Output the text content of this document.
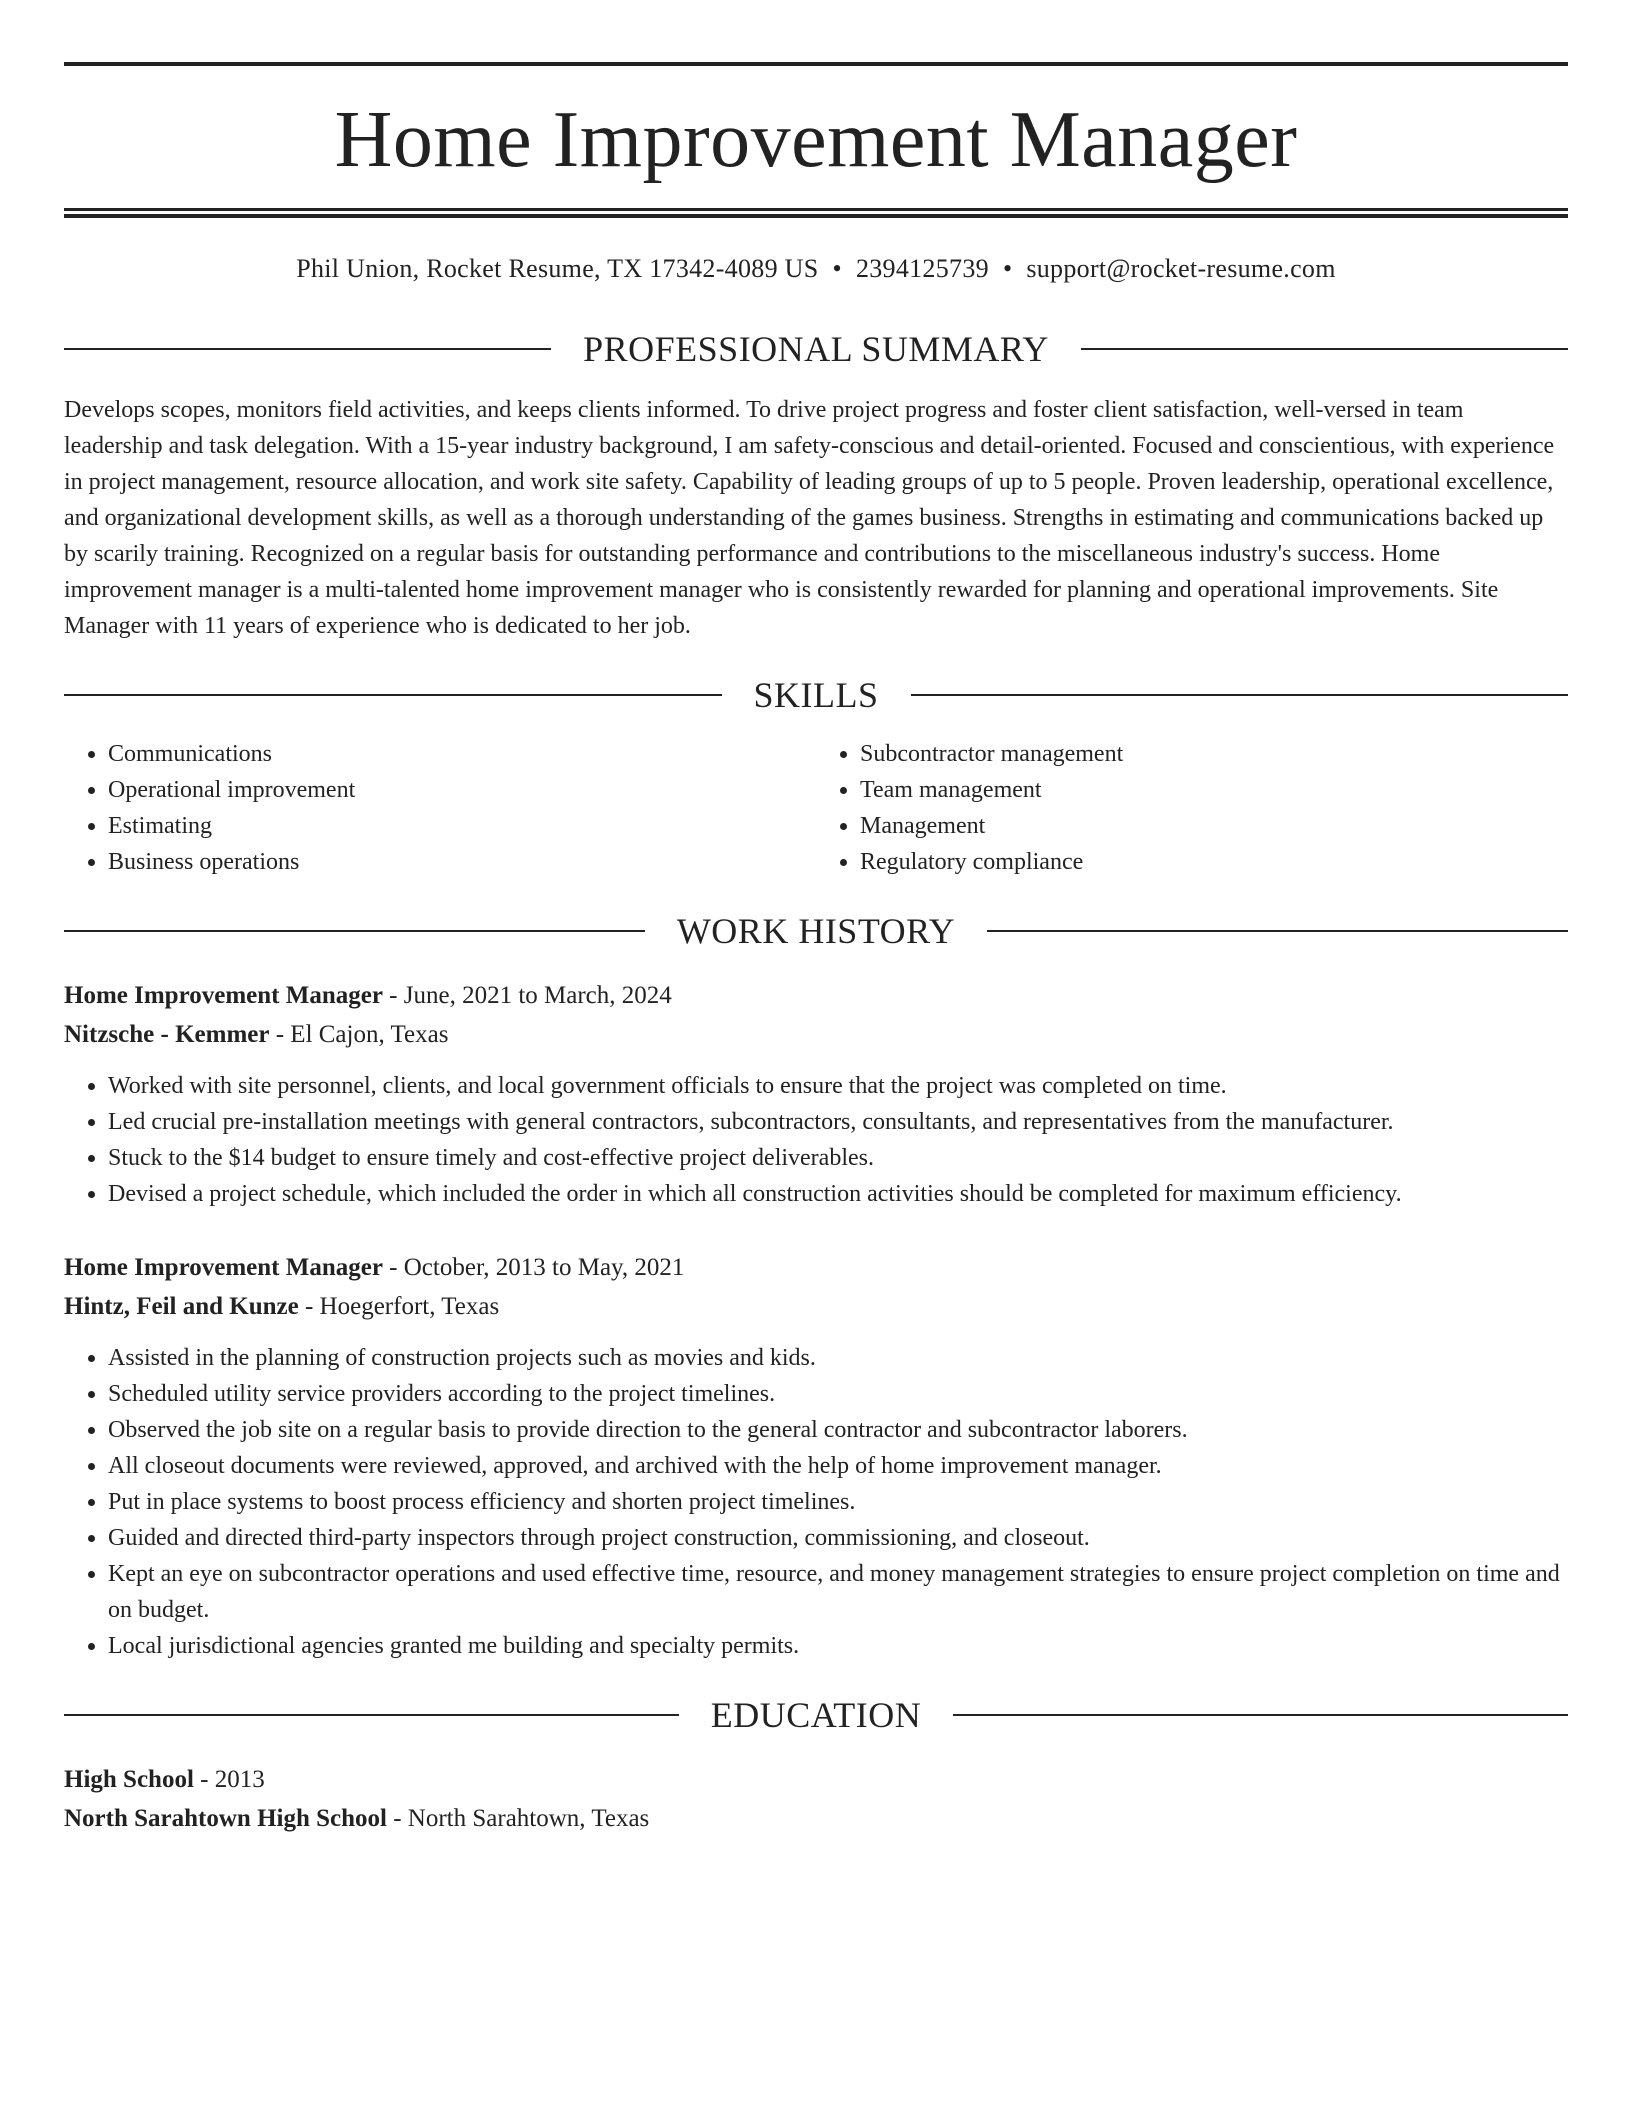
Home Improvement Manager
Phil Union, Rocket Resume, TX 17342-4089 US • 2394125739 • support@rocket-resume.com
PROFESSIONAL SUMMARY

Develops scopes, monitors field activities, and keeps clients informed. To drive project progress and foster client satisfaction, well-versed in team leadership and task delegation. With a 15-year industry background, I am safety-conscious and detail-oriented. Focused and conscientious, with experience in project management, resource allocation, and work site safety. Capability of leading groups of up to 5 people. Proven leadership, operational excellence, and organizational development skills, as well as a thorough understanding of the games business. Strengths in estimating and communications backed up by scarily training. Recognized on a regular basis for outstanding performance and contributions to the miscellaneous industry's success. Home improvement manager is a multi-talented home improvement manager who is consistently rewarded for planning and operational improvements. Site Manager with 11 years of experience who is dedicated to her job.

SKILLS
• Communications
• Operational improvement
• Estimating
• Business operations
• Subcontractor management
• Team management
• Management
• Regulatory compliance
WORK HISTORY
Home Improvement Manager - June, 2021 to March, 2024
Nitzsche - Kemmer - El Cajon, Texas
• Worked with site personnel, clients, and local government officials to ensure that the project was completed on time.
• Led crucial pre-installation meetings with general contractors, subcontractors, consultants, and representatives from the manufacturer.
• Stuck to the $14 budget to ensure timely and cost-effective project deliverables.
• Devised a project schedule, which included the order in which all construction activities should be completed for maximum efficiency.
Home Improvement Manager - October, 2013 to May, 2021
Hintz, Feil and Kunze - Hoegerfort, Texas
• Assisted in the planning of construction projects such as movies and kids.
• Scheduled utility service providers according to the project timelines.
• Observed the job site on a regular basis to provide direction to the general contractor and subcontractor laborers.
• All closeout documents were reviewed, approved, and archived with the help of home improvement manager.
• Put in place systems to boost process efficiency and shorten project timelines.
• Guided and directed third-party inspectors through project construction, commissioning, and closeout.
• Kept an eye on subcontractor operations and used effective time, resource, and money management strategies to ensure project completion on time and on budget.
• Local jurisdictional agencies granted me building and specialty permits.
EDUCATION
High School - 2013
North Sarahtown High School - North Sarahtown, Texas
